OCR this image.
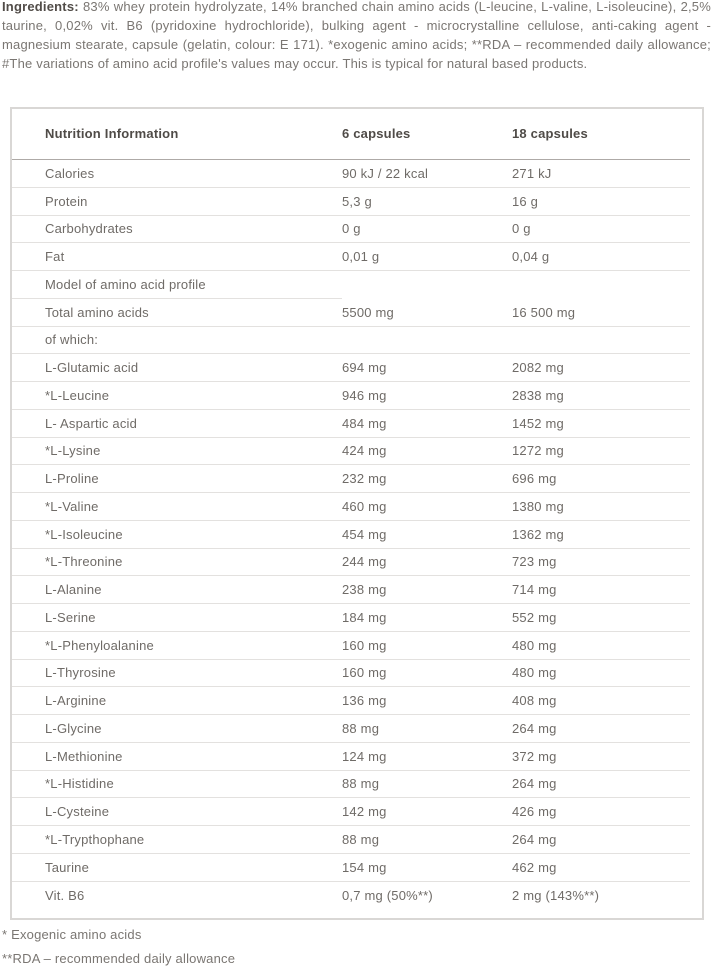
Ingredients: 83% whey protein hydrolyzate, 14% branched chain amino acids (L-leucine, L-valine, L-isoleucine), 2,5% taurine, 0,02% vit. B6 (pyridoxine hydrochloride), bulking agent - microcrystalline cellulose, anti-caking agent - magnesium stearate, capsule (gelatin, colour: E 171). *exogenic amino acids; **RDA – recommended daily allowance; #The variations of amino acid profile's values may occur. This is typical for natural based products.

Nutrition Information	6 capsules	18 capsules
Calories	90 kJ / 22 kcal	271 kJ
Protein	5,3 g	16 g
Carbohydrates	0 g	0 g
Fat	0,01 g	0,04 g
Model of amino acid profile
Total amino acids	5500 mg	16 500 mg
of which:
L-Glutamic acid	694 mg	2082 mg
*L-Leucine	946 mg	2838 mg
L- Aspartic acid	484 mg	1452 mg
*L-Lysine	424 mg	1272 mg
L-Proline	232 mg	696 mg
*L-Valine	460 mg	1380 mg
*L-Isoleucine	454 mg	1362 mg
*L-Threonine	244 mg	723 mg
L-Alanine	238 mg	714 mg
L-Serine	184 mg	552 mg
*L-Phenyloalanine	160 mg	480 mg
L-Thyrosine	160 mg	480 mg
L-Arginine	136 mg	408 mg
L-Glycine	88 mg	264 mg
L-Methionine	124 mg	372 mg
*L-Histidine	88 mg	264 mg
L-Cysteine	142 mg	426 mg
*L-Trypthophane	88 mg	264 mg
Taurine	154 mg	462 mg
Vit. B6	0,7 mg (50%**)	2 mg (143%**)

* Exogenic amino acids

**RDA – recommended daily allowance
